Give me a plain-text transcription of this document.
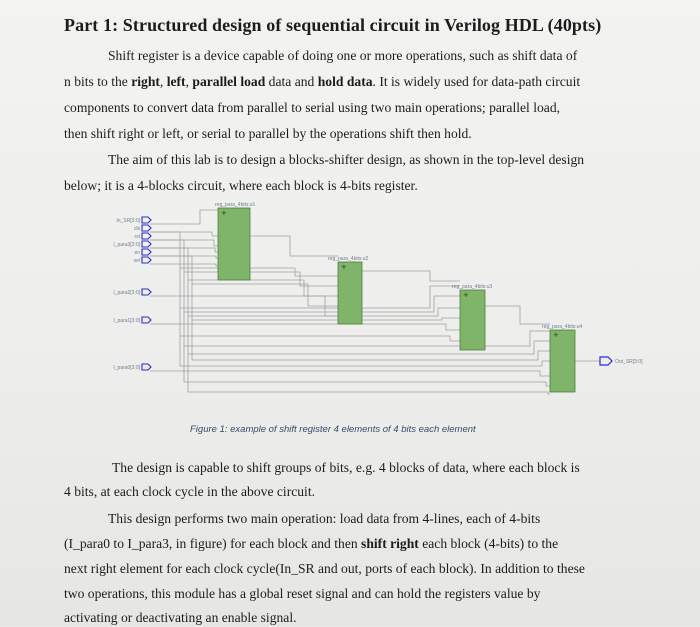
Part 1: Structured design of sequential circuit in Verilog HDL (40pts)
Shift register is a device capable of doing one or more operations, such as shift data of
n bits to the right, left, parallel load data and hold data. It is widely used for data-path circuit
components to convert data from parallel to serial using two main operations; parallel load,
then shift right or left, or serial to parallel by the operations shift then hold.
The aim of this lab is to design a blocks-shifter design, as shown in the top-level design
below; it is a 4-blocks circuit, where each block is 4-bits register.
In_SR[3:0]
clk
rst
I_para3[3:0]
en
sel
I_para2[3:0]
I_para1[3:0]
I_para0[3:0]
+
+
+
+
Out_SR[3:0]
reg_para_4bits:u1
reg_para_4bits:u2
reg_para_4bits:u3
reg_para_4bits:u4
Figure 1: example of shift register 4 elements of 4 bits each element
The design is capable to shift groups of bits, e.g. 4 blocks of data, where each block is
4 bits, at each clock cycle in the above circuit.
This design performs two main operation: load data from 4-lines, each of 4-bits
(I_para0 to I_para3, in figure) for each block and then shift right each block (4-bits) to the
next right element for each clock cycle(In_SR and out, ports of each block). In addition to these
two operations, this module has a global reset signal and can hold the registers value by
activating or deactivating an enable signal.
